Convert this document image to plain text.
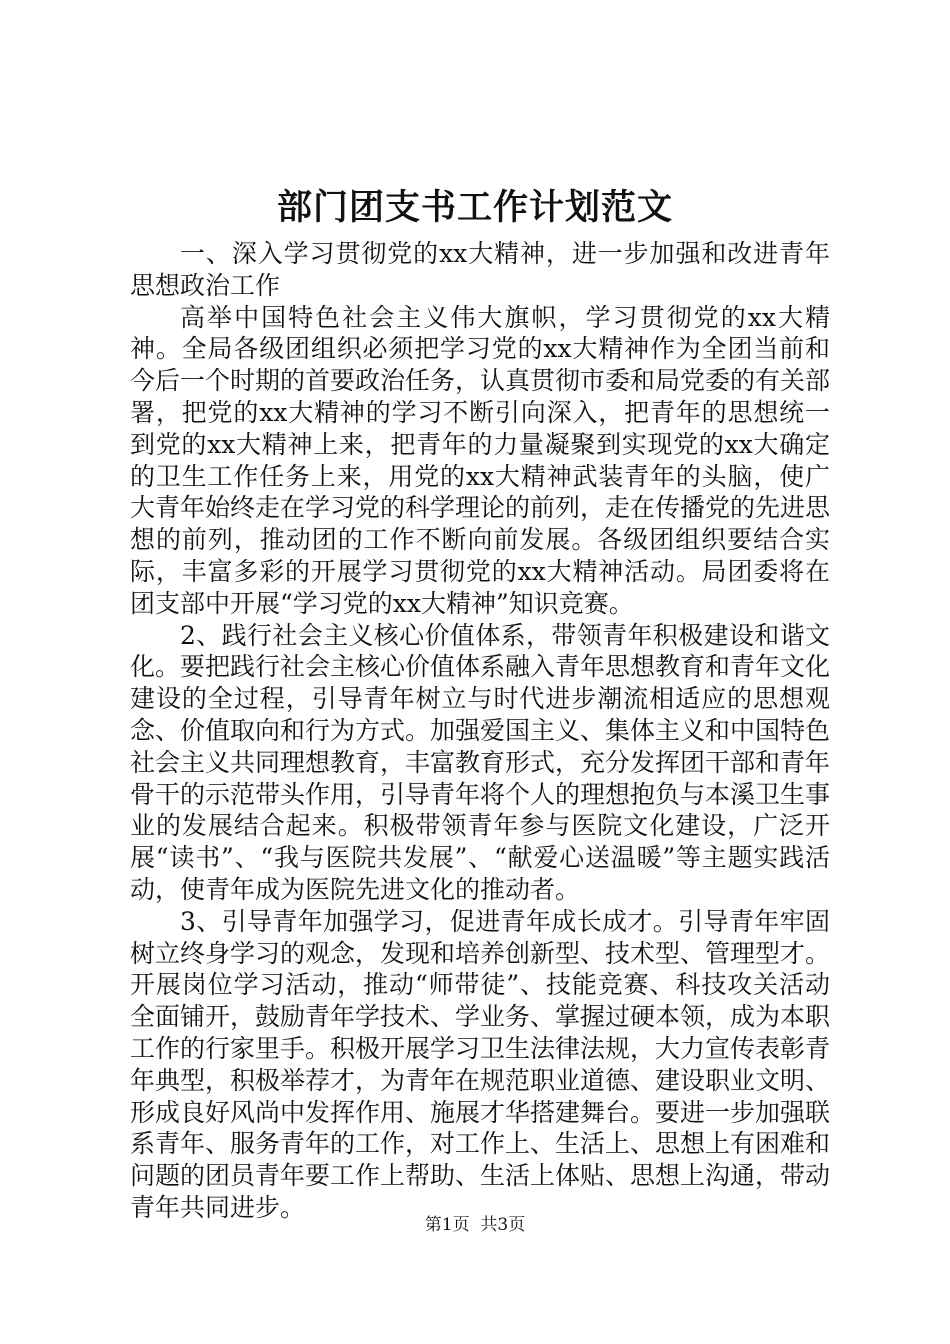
部门团支书工作计划范文

一、深入学习贯彻党的xx大精神，进一步加强和改进青年思想政治工作

高举中国特色社会主义伟大旗帜，学习贯彻党的xx大精神。全局各级团组织必须把学习党的xx大精神作为全团当前和今后一个时期的首要政治任务，认真贯彻市委和局党委的有关部署，把党的xx大精神的学习不断引向深入，把青年的思想统一到党的xx大精神上来，把青年的力量凝聚到实现党的xx大确定的卫生工作任务上来，用党的xx大精神武装青年的头脑，使广大青年始终走在学习党的科学理论的前列，走在传播党的先进思想的前列，推动团的工作不断向前发展。各级团组织要结合实际，丰富多彩的开展学习贯彻党的xx大精神活动。局团委将在团支部中开展“学习党的xx大精神”知识竞赛。

2、践行社会主义核心价值体系，带领青年积极建设和谐文化。要把践行社会主核心价值体系融入青年思想教育和青年文化建设的全过程，引导青年树立与时代进步潮流相适应的思想观念、价值取向和行为方式。加强爱国主义、集体主义和中国特色社会主义共同理想教育，丰富教育形式，充分发挥团干部和青年骨干的示范带头作用，引导青年将个人的理想抱负与本溪卫生事业的发展结合起来。积极带领青年参与医院文化建设，广泛开展“读书”、“我与医院共发展”、“献爱心送温暖”等主题实践活动，使青年成为医院先进文化的推动者。

3、引导青年加强学习，促进青年成长成才。引导青年牢固树立终身学习的观念，发现和培养创新型、技术型、管理型才。开展岗位学习活动，推动“师带徒”、技能竞赛、科技攻关活动全面铺开，鼓励青年学技术、学业务、掌握过硬本领，成为本职工作的行家里手。积极开展学习卫生法律法规，大力宣传表彰青年典型，积极举荐才，为青年在规范职业道德、建设职业文明、形成良好风尚中发挥作用、施展才华搭建舞台。要进一步加强联系青年、服务青年的工作，对工作上、生活上、思想上有困难和问题的团员青年要工作上帮助、生活上体贴、思想上沟通，带动青年共同进步。

第1页 共3页
